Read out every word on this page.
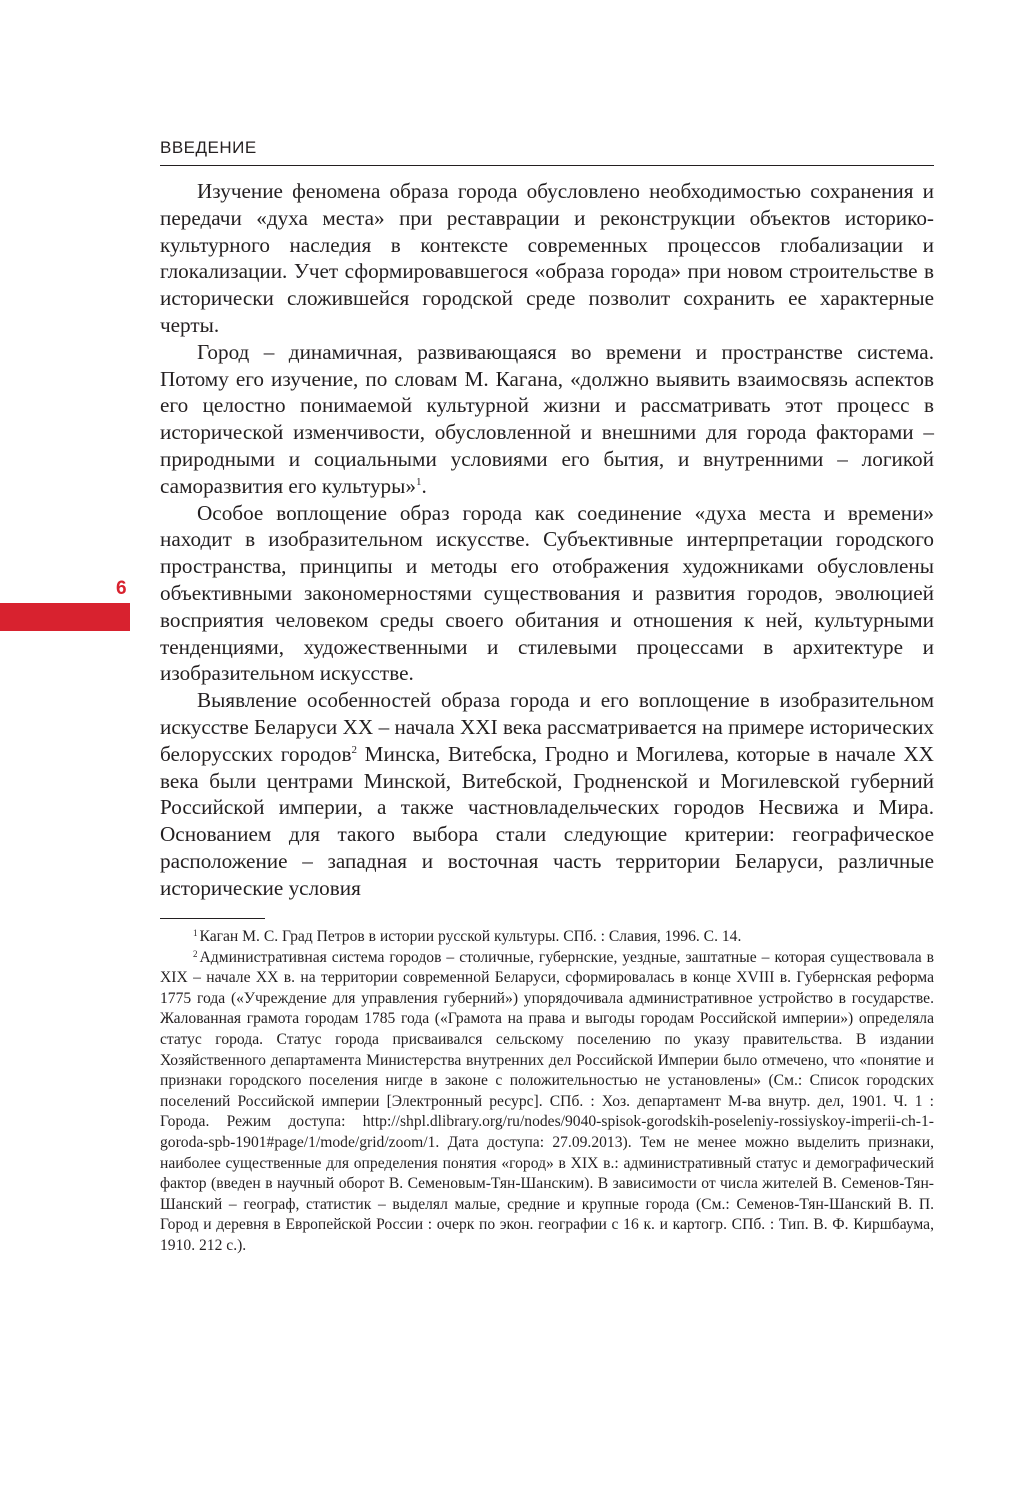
ВВЕДЕНИЕ

Изучение феномена образа города обусловлено необходимостью сохранения и передачи «духа места» при реставрации и реконструкции объектов историко-культурного наследия в контексте современных процессов глобализации и глокализации. Учет сформировавшегося «образа города» при новом строительстве в исторически сложившейся городской среде позволит сохранить ее характерные черты.

Город – динамичная, развивающаяся во времени и пространстве система. Потому его изучение, по словам М. Кагана, «должно выявить взаимосвязь аспектов его целостно понимаемой культурной жизни и рассматривать этот процесс в исторической изменчивости, обусловленной и внешними для города факторами – природными и социальными условиями его бытия, и внутренними – логикой саморазвития его культуры»$^1$.

Особое воплощение образ города как соединение «духа места и времени» находит в изобразительном искусстве. Субъективные интерпретации городского пространства, принципы и методы его отображения художниками обусловлены объективными закономерностями существования и развития городов, эволюцией восприятия человеком среды своего обитания и отношения к ней, культурными тенденциями, художественными и стилевыми процессами в архитектуре и изобразительном искусстве.

Выявление особенностей образа города и его воплощение в изобразительном искусстве Беларуси ХХ – начала ХХI века рассматривается на примере исторических белорусских городов$^2$ Минска, Витебска, Гродно и Могилева, которые в начале ХХ века были центрами Минской, Витебской, Гродненской и Могилевской губерний Российской империи, а также частновладельческих городов Несвижа и Мира. Основанием для такого выбора стали следующие критерии: географическое расположение – западная и восточная часть территории Беларуси, различные исторические условия

6

$^1$ Каган М. С. Град Петров в истории русской культуры. СПб. : Славия, 1996. С. 14.

$^2$ Административная система городов – столичные, губернские, уездные, заштатные – которая существовала в ХIХ – начале ХХ в. на территории современной Беларуси, сформировалась в конце ХVIII в. Губернская реформа 1775 года («Учреждение для управления губерний») упорядочивала административное устройство в государстве. Жалованная грамота городам 1785 года («Грамота на права и выгоды городам Российской империи») определяла статус города. Статус города присваивался сельскому поселению по указу правительства. В издании Хозяйственного департамента Министерства внутренних дел Российской Империи было отмечено, что «понятие и признаки городского поселения нигде в законе с положительностью не установлены» (См.: Список городских поселений Российской империи [Электронный ресурс]. СПб. : Хоз. департамент М-ва внутр. дел, 1901. Ч. 1 : Города. Режим доступа: http://shpl.dlibrary.org/ru/nodes/9040-spisok-gorodskih-poseleniy-rossiyskoy-imperii-ch-1-goroda-spb-1901#page/1/mode/grid/zoom/1. Дата доступа: 27.09.2013). Тем не менее можно выделить признаки, наиболее существенные для определения понятия «город» в ХIХ в.: административный статус и демографический фактор (введен в научный оборот В. Семеновым-Тян-Шанским). В зависимости от числа жителей В. Семенов-Тян-Шанский – географ, статистик – выделял малые, средние и крупные города (См.: Семенов-Тян-Шанский В. П. Город и деревня в Европейской России : очерк по экон. географии с 16 к. и картогр. СПб. : Тип. В. Ф. Киршбаума, 1910. 212 с.).
